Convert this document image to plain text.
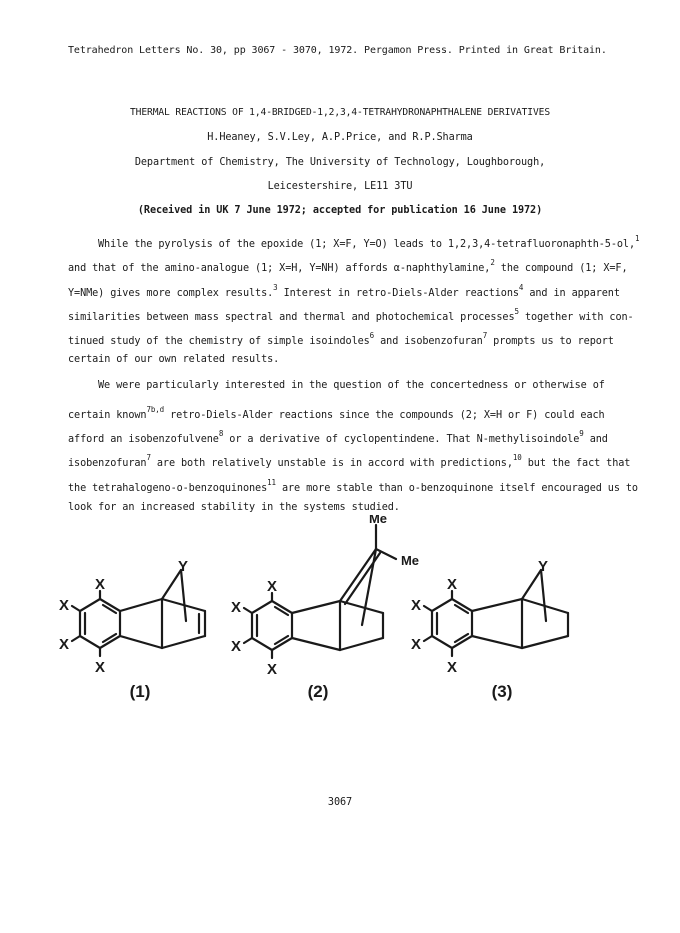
Tetrahedron Letters No. 30, pp 3067 - 3070, 1972. Pergamon Press. Printed in Great Britain.
THERMAL REACTIONS OF 1,4-BRIDGED-1,2,3,4-TETRAHYDRONAPHTHALENE DERIVATIVES
H.Heaney, S.V.Ley, A.P.Price, and R.P.Sharma
Department of Chemistry, The University of Technology, Loughborough,
Leicestershire, LE11 3TU
(Received in UK 7 June 1972; accepted for publication 16 June 1972)
While the pyrolysis of the epoxide (1; X=F, Y=O) leads to 1,2,3,4-tetrafluoronaphth-5-ol,$^1$
and that of the amino-analogue (1; X=H, Y=NH) affords α-naphthylamine,$^2$ the compound (1; X=F,
Y=NMe) gives more complex results.$^3$ Interest in retro-Diels-Alder reactions$^4$ and in apparent
similarities between mass spectral and thermal and photochemical processes$^5$ together with con-
tinued study of the chemistry of simple isoindoles$^6$ and isobenzofuran$^7$ prompts us to report
certain of our own related results.
We were particularly interested in the question of the concertedness or otherwise of
certain known$^{7b,d}$ retro-Diels-Alder reactions since the compounds (2; X=H or F) could each
afford an isobenzofulvene$^8$ or a derivative of cyclopentindene. That N-methylisoindole$^9$ and
isobenzofuran$^7$ are both relatively unstable is in accord with predictions,$^{10}$ but the fact that
the tetrahalogeno-o-benzoquinones$^{11}$ are more stable than o-benzoquinone itself encouraged us to
look for an increased stability in the systems studied.
X
X
X
X
Y
X
X
X
X
Me
Me
X
X
X
X
Y
(1)	(2)	(3)
3067
